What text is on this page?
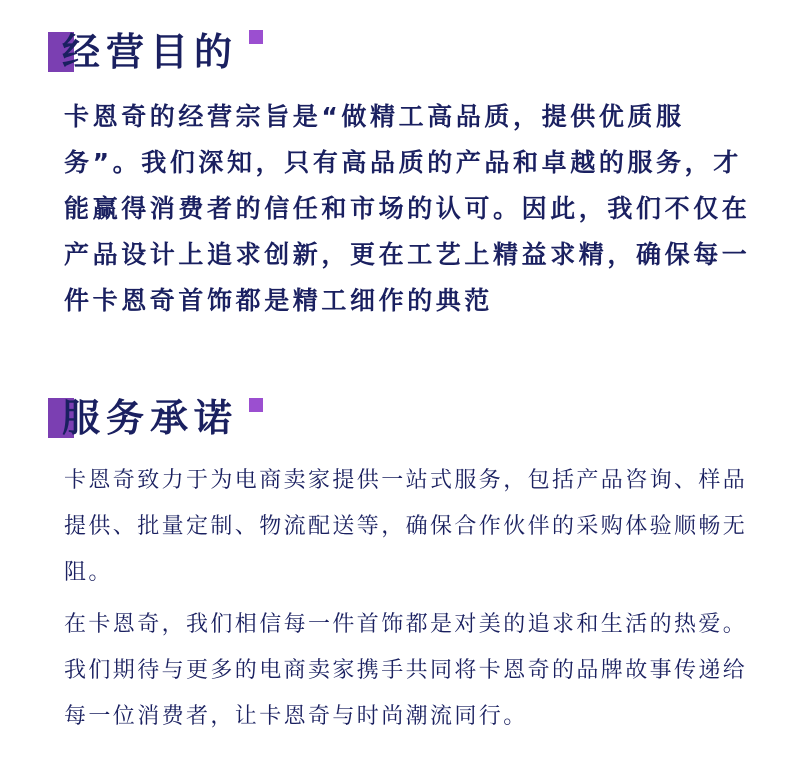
经营目的

卡恩奇的经营宗旨是“做精工高品质，提供优质服务”。我们深知，只有高品质的产品和卓越的服务，才能赢得消费者的信任和市场的认可。因此，我们不仅在产品设计上追求创新，更在工艺上精益求精，确保每一件卡恩奇首饰都是精工细作的典范

服务承诺

卡恩奇致力于为电商卖家提供一站式服务，包括产品咨询、样品提供、批量定制、物流配送等，确保合作伙伴的采购体验顺畅无阻。

在卡恩奇，我们相信每一件首饰都是对美的追求和生活的热爱。我们期待与更多的电商卖家携手共同将卡恩奇的品牌故事传递给每一位消费者，让卡恩奇与时尚潮流同行。
